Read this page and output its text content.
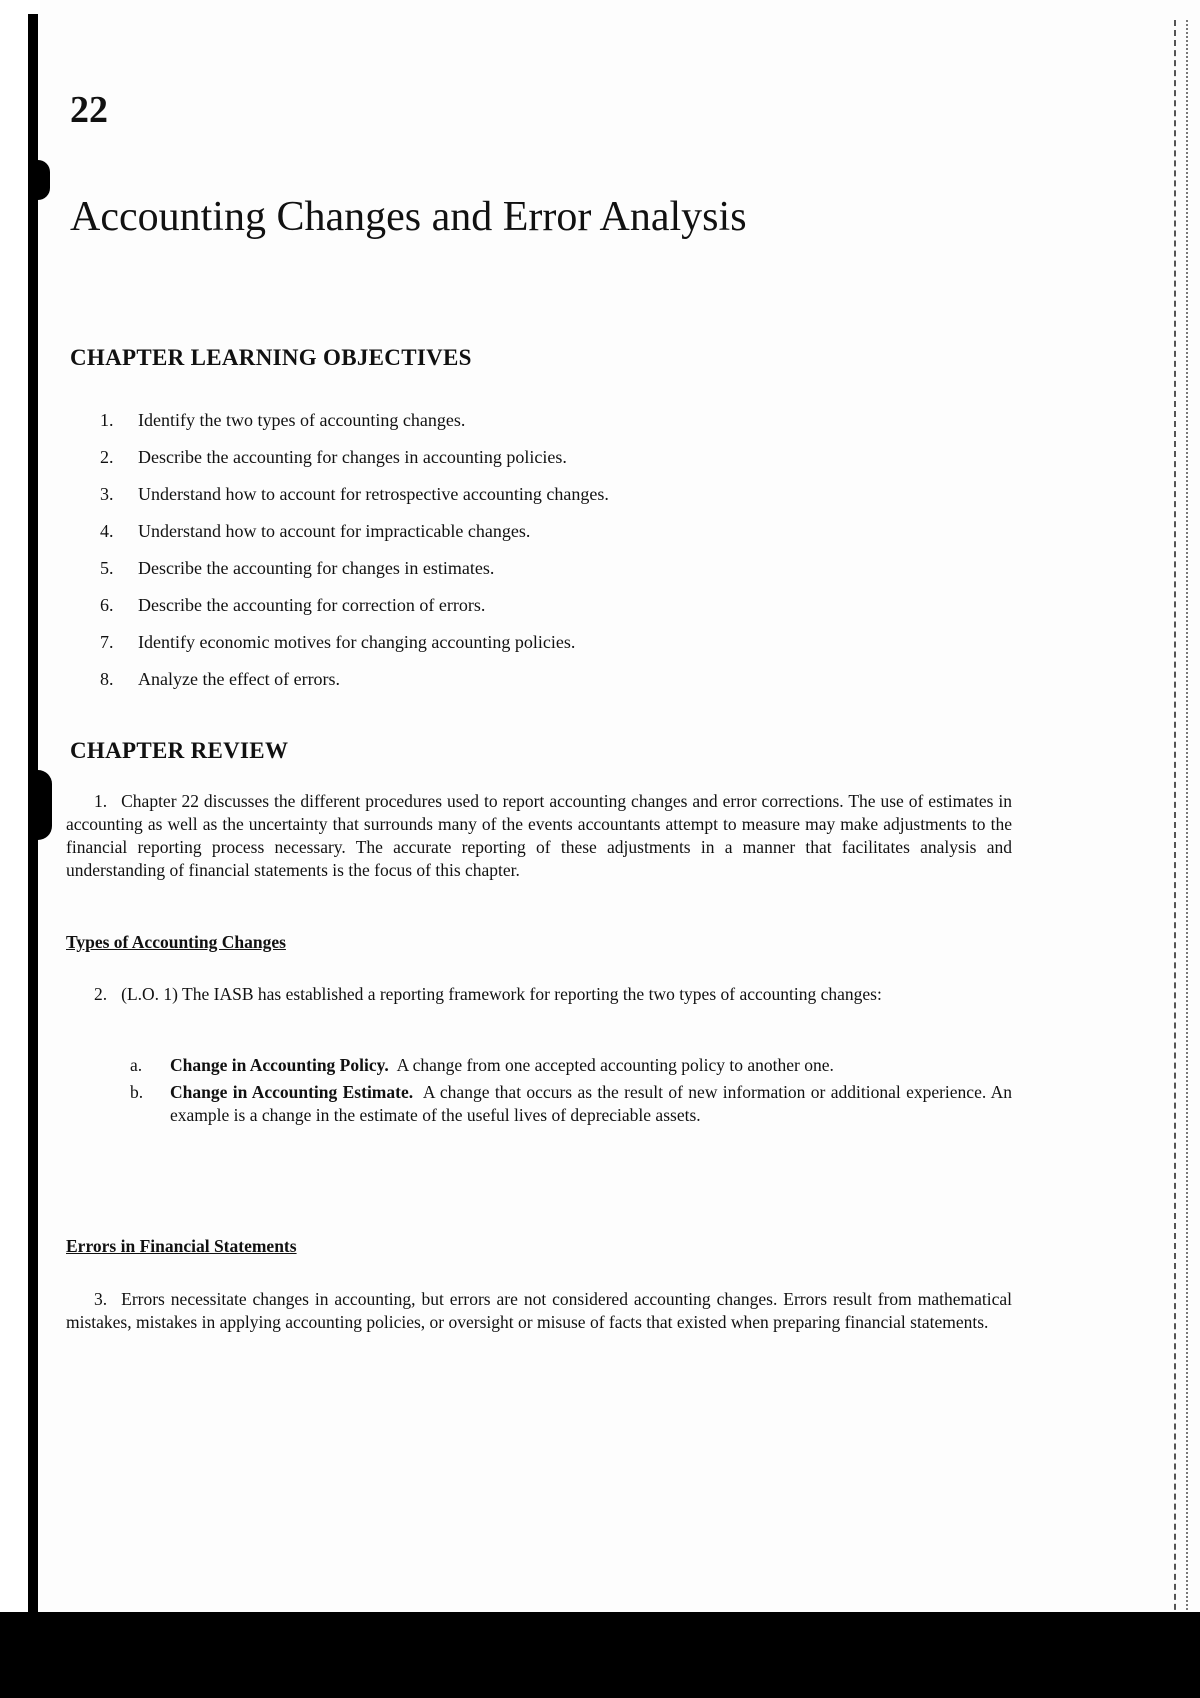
22
Accounting Changes and Error Analysis
CHAPTER LEARNING OBJECTIVES
1.	Identify the two types of accounting changes.
2.	Describe the accounting for changes in accounting policies.
3.	Understand how to account for retrospective accounting changes.
4.	Understand how to account for impracticable changes.
5.	Describe the accounting for changes in estimates.
6.	Describe the accounting for correction of errors.
7.	Identify economic motives for changing accounting policies.
8.	Analyze the effect of errors.
CHAPTER REVIEW

1. Chapter 22 discusses the different procedures used to report accounting changes and error corrections. The use of estimates in accounting as well as the uncertainty that surrounds many of the events accountants attempt to measure may make adjustments to the financial reporting process necessary. The accurate reporting of these adjustments in a manner that facilitates analysis and understanding of financial statements is the focus of this chapter.

Types of Accounting Changes

2. (L.O. 1) The IASB has established a reporting framework for reporting the two types of accounting changes:

a.	Change in Accounting Policy. A change from one accepted accounting policy to another one.
b.	Change in Accounting Estimate. A change that occurs as the result of new information or additional experience. An example is a change in the estimate of the useful lives of depreciable assets.

Errors in Financial Statements

3. Errors necessitate changes in accounting, but errors are not considered accounting changes. Errors result from mathematical mistakes, mistakes in applying accounting policies, or oversight or misuse of facts that existed when preparing financial statements.
